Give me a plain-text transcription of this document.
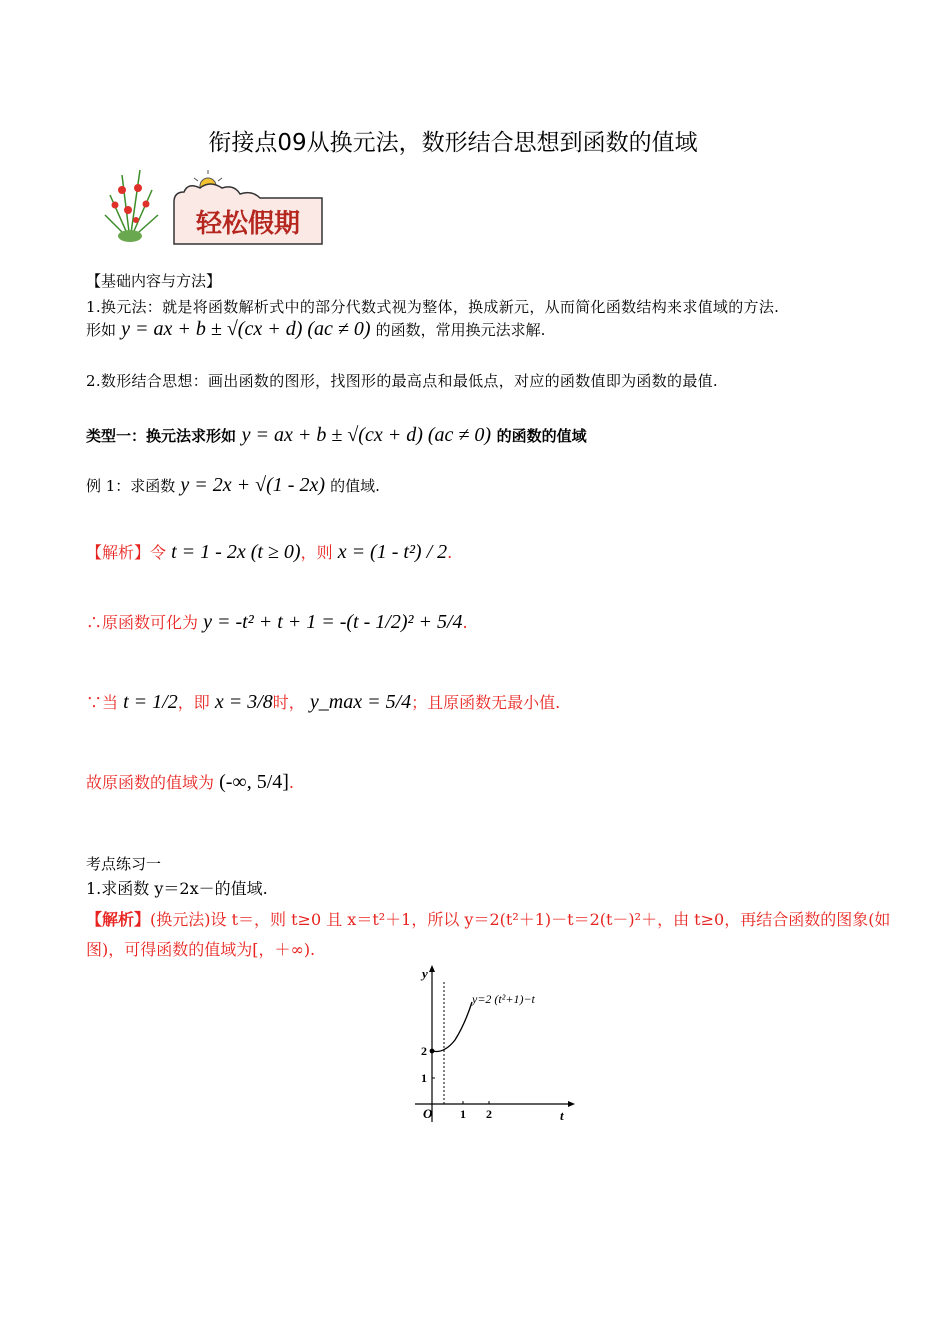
衔接点09从换元法，数形结合思想到函数的值域
轻松假期
【基础内容与方法】
1.换元法：就是将函数解析式中的部分代数式视为整体，换成新元，从而简化函数结构来求值域的方法.
形如 y = ax + b ± √(cx + d) (ac ≠ 0) 的函数，常用换元法求解.
2.数形结合思想：画出函数的图形，找图形的最高点和最低点，对应的函数值即为函数的最值.
类型一：换元法求形如 y = ax + b ± √(cx + d) (ac ≠ 0) 的函数的值域
例 1：求函数 y = 2x + √(1 - 2x) 的值域.
【解析】令 t = 1 - 2x (t ≥ 0)，则 x = (1 - t²) / 2.
∴原函数可化为 y = -t² + t + 1 = -(t - 1/2)² + 5/4.
∵当 t = 1/2，即 x = 3/8时， y_max = 5/4；且原函数无最小值.
故原函数的值域为 (-∞, 5/4].
考点练习一
1.求函数 y＝2x－的值域.
【解析】(换元法)设 t＝，则 t≥0 且 x＝t²＋1，所以 y＝2(t²＋1)－t＝2(t－)²＋，由 t≥0，再结合函数的图象(如
图)，可得函数的值域为[，＋∞).
y
t
O 1 2
1
2
y=2 (t²+1)−t
